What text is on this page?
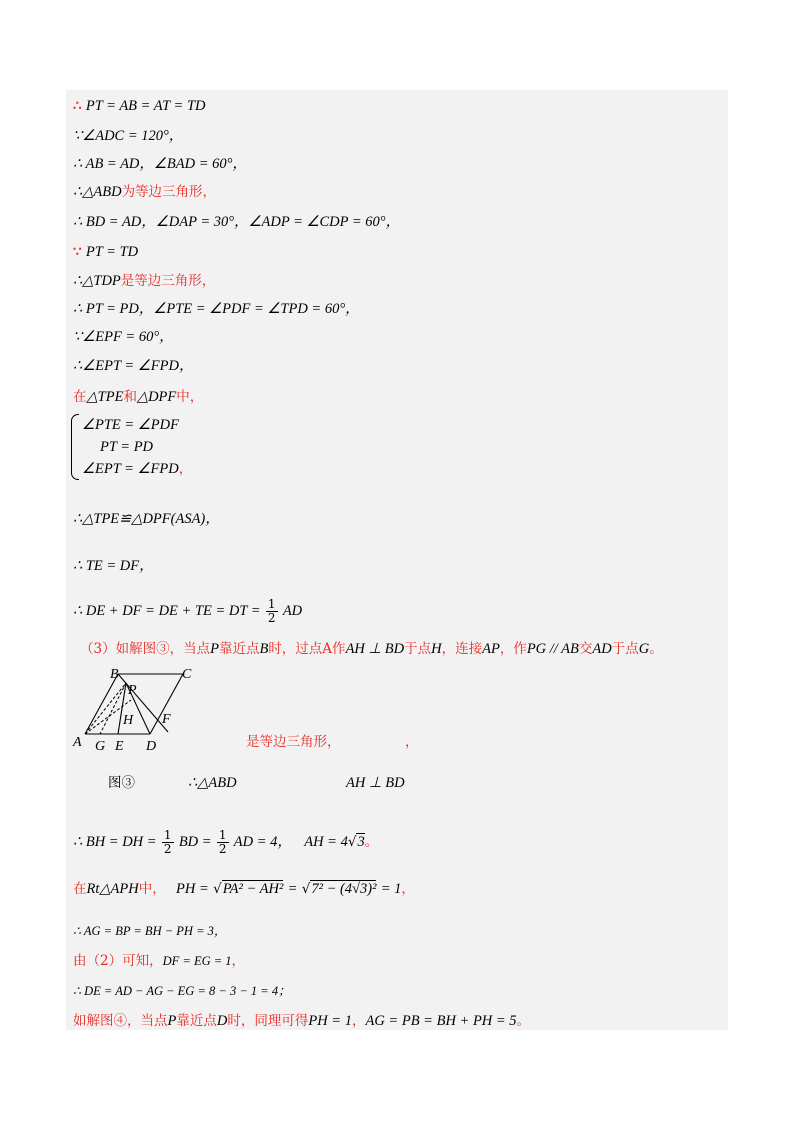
∴ PT = AB = AT = TD
∵∠ADC = 120°，
∴ AB = AD，∠BAD = 60°，
∴△ABD为等边三角形，
∴ BD = AD，∠DAP = 30°，∠ADP = ∠CDP = 60°，
∵ PT = TD
∴△TDP是等边三角形，
∴ PT = PD，∠PTE = ∠PDF = ∠TPD = 60°，
∵∠EPF = 60°，
∴∠EPT = ∠FPD，
在△TPE和△DPF中，
∠PTE = ∠PDF
PT = PD
∠EPT = ∠FPD，
∴△TPE≌△DPF(ASA)，
∴ TE = DF，
∴ DE + DF = DE + TE = DT = $\frac{1}{2}$ AD
（3）如解图③，当点P靠近点B时，过点A作AH ⊥ BD于点H，连接AP，作PG // AB交AD于点G。
B	C
P
H F
A G E D	是等边三角形，	，
图③	∴△ABD	AH ⊥ BD
∴ BH = DH = $\frac{1}{2}$ BD = $\frac{1}{2}$ AD = 4， AH = 4√3。
在Rt△APH中， PH = √PA² − AH² = √7² − (4√3)² = 1，
∴ AG = BP = BH − PH = 3，
由（2）可知，DF = EG = 1，
∴ DE = AD − AG − EG = 8 − 3 − 1 = 4；
如解图④，当点P靠近点D时，同理可得PH = 1，AG = PB = BH + PH = 5。
